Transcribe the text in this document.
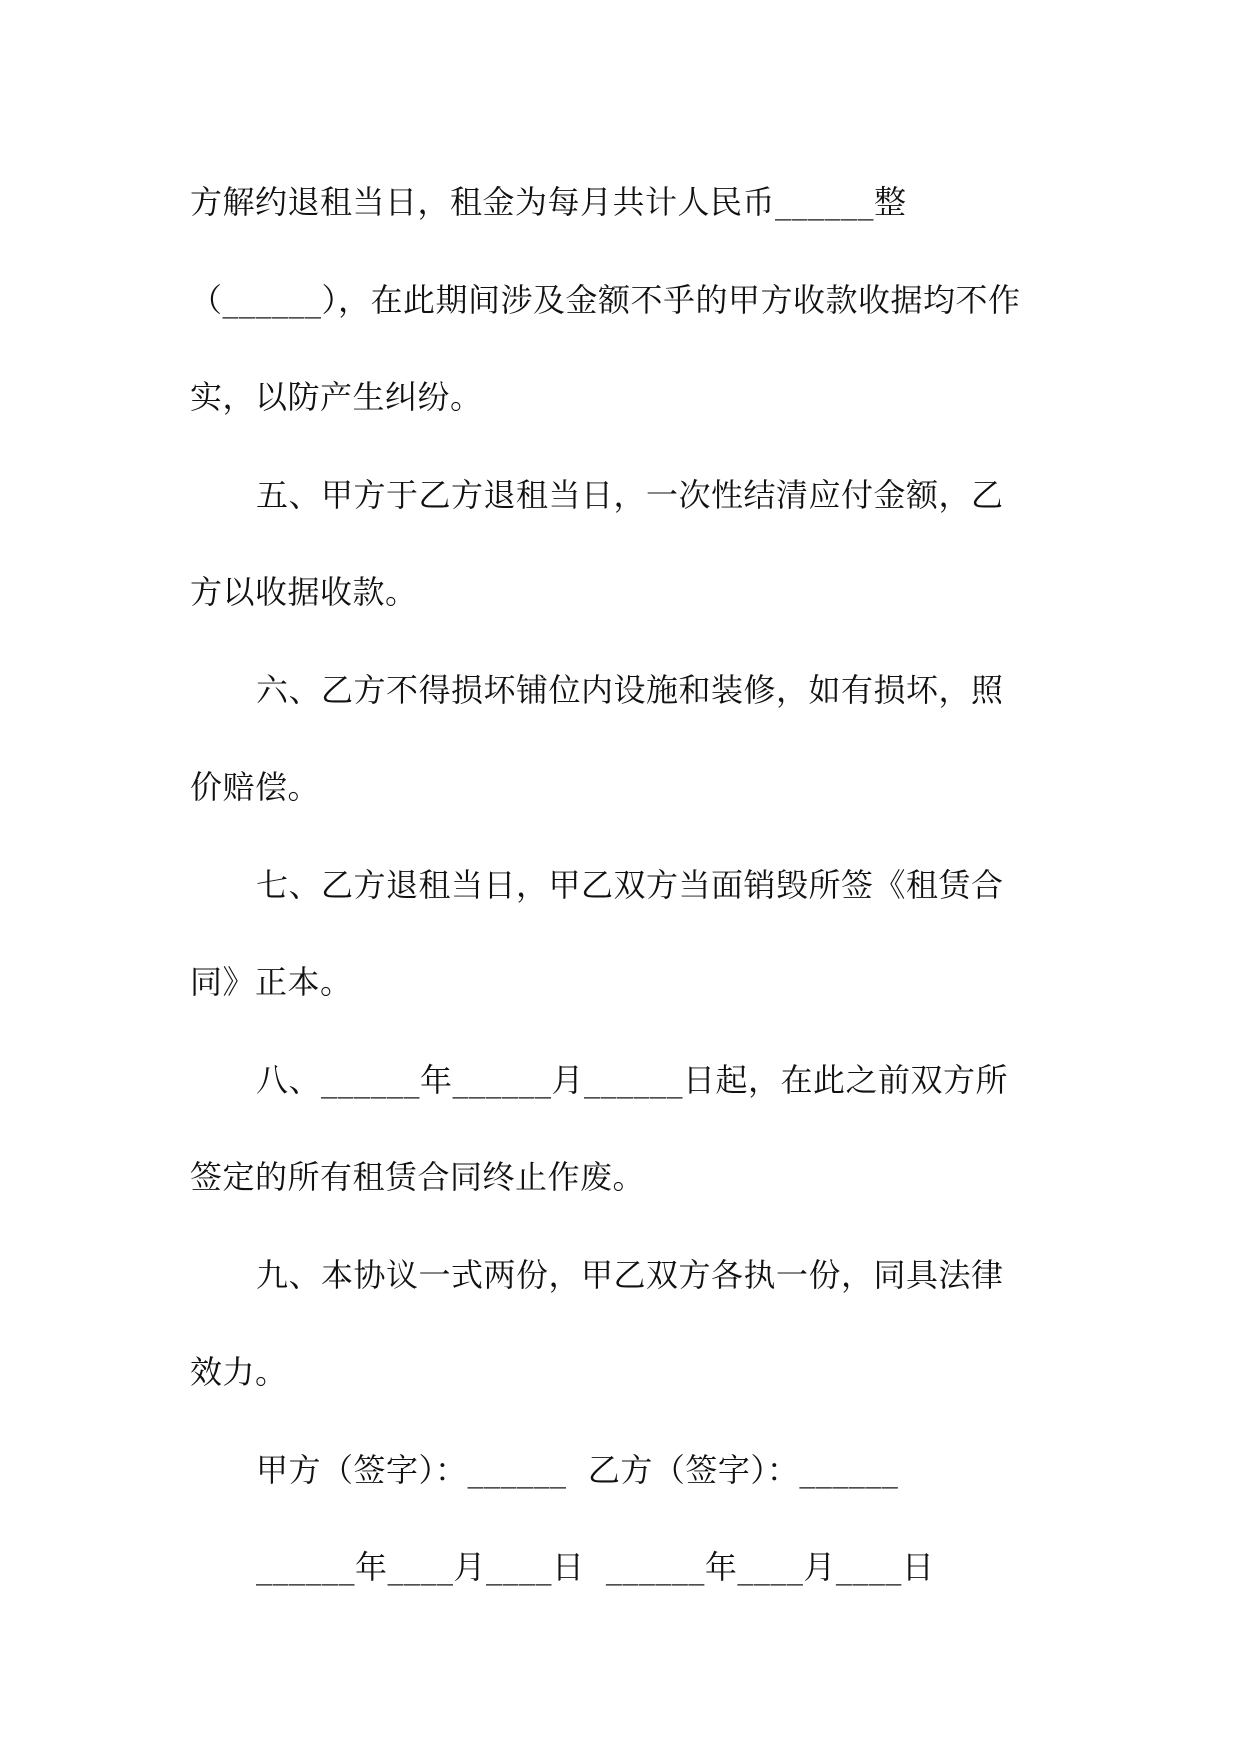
方解约退租当日，租金为每月共计人民币______整
（______），在此期间涉及金额不乎的甲方收款收据均不作
实，以防产生纠纷。
五、甲方于乙方退租当日，一次性结清应付金额，乙
方以收据收款。
六、乙方不得损坏铺位内设施和装修，如有损坏，照
价赔偿。
七、乙方退租当日，甲乙双方当面销毁所签《租赁合
同》正本。
八、______年______月______日起，在此之前双方所
签定的所有租赁合同终止作废。
九、本协议一式两份，甲乙双方各执一份，同具法律
效力。
甲方（签字）：______  乙方（签字）：______
______年____月____日  ______年____月____日
